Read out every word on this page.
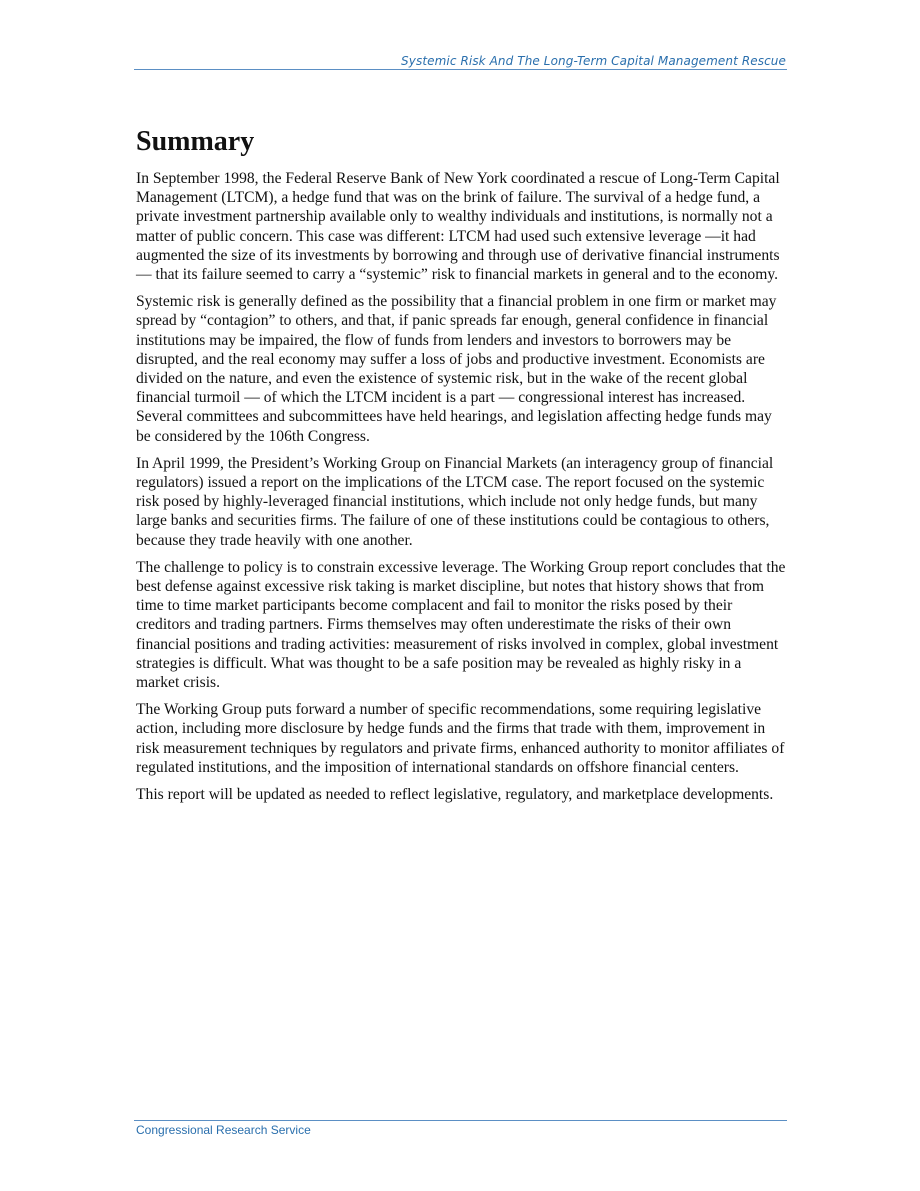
Systemic Risk And The Long-Term Capital Management Rescue
Summary

In September 1998, the Federal Reserve Bank of New York coordinated a rescue of Long-Term Capital Management (LTCM), a hedge fund that was on the brink of failure. The survival of a hedge fund, a private investment partnership available only to wealthy individuals and institutions, is normally not a matter of public concern. This case was different: LTCM had used such extensive leverage —it had augmented the size of its investments by borrowing and through use of derivative financial instruments — that its failure seemed to carry a “systemic” risk to financial markets in general and to the economy.

Systemic risk is generally defined as the possibility that a financial problem in one firm or market may spread by “contagion” to others, and that, if panic spreads far enough, general confidence in financial institutions may be impaired, the flow of funds from lenders and investors to borrowers may be disrupted, and the real economy may suffer a loss of jobs and productive investment. Economists are divided on the nature, and even the existence of systemic risk, but in the wake of the recent global financial turmoil — of which the LTCM incident is a part — congressional interest has increased. Several committees and subcommittees have held hearings, and legislation affecting hedge funds may be considered by the 106th Congress.

In April 1999, the President’s Working Group on Financial Markets (an interagency group of financial regulators) issued a report on the implications of the LTCM case. The report focused on the systemic risk posed by highly-leveraged financial institutions, which include not only hedge funds, but many large banks and securities firms. The failure of one of these institutions could be contagious to others, because they trade heavily with one another.

The challenge to policy is to constrain excessive leverage. The Working Group report concludes that the best defense against excessive risk taking is market discipline, but notes that history shows that from time to time market participants become complacent and fail to monitor the risks posed by their creditors and trading partners. Firms themselves may often underestimate the risks of their own financial positions and trading activities: measurement of risks involved in complex, global investment strategies is difficult. What was thought to be a safe position may be revealed as highly risky in a market crisis.

The Working Group puts forward a number of specific recommendations, some requiring legislative action, including more disclosure by hedge funds and the firms that trade with them, improvement in risk measurement techniques by regulators and private firms, enhanced authority to monitor affiliates of regulated institutions, and the imposition of international standards on offshore financial centers.

This report will be updated as needed to reflect legislative, regulatory, and marketplace developments.

Congressional Research Service
